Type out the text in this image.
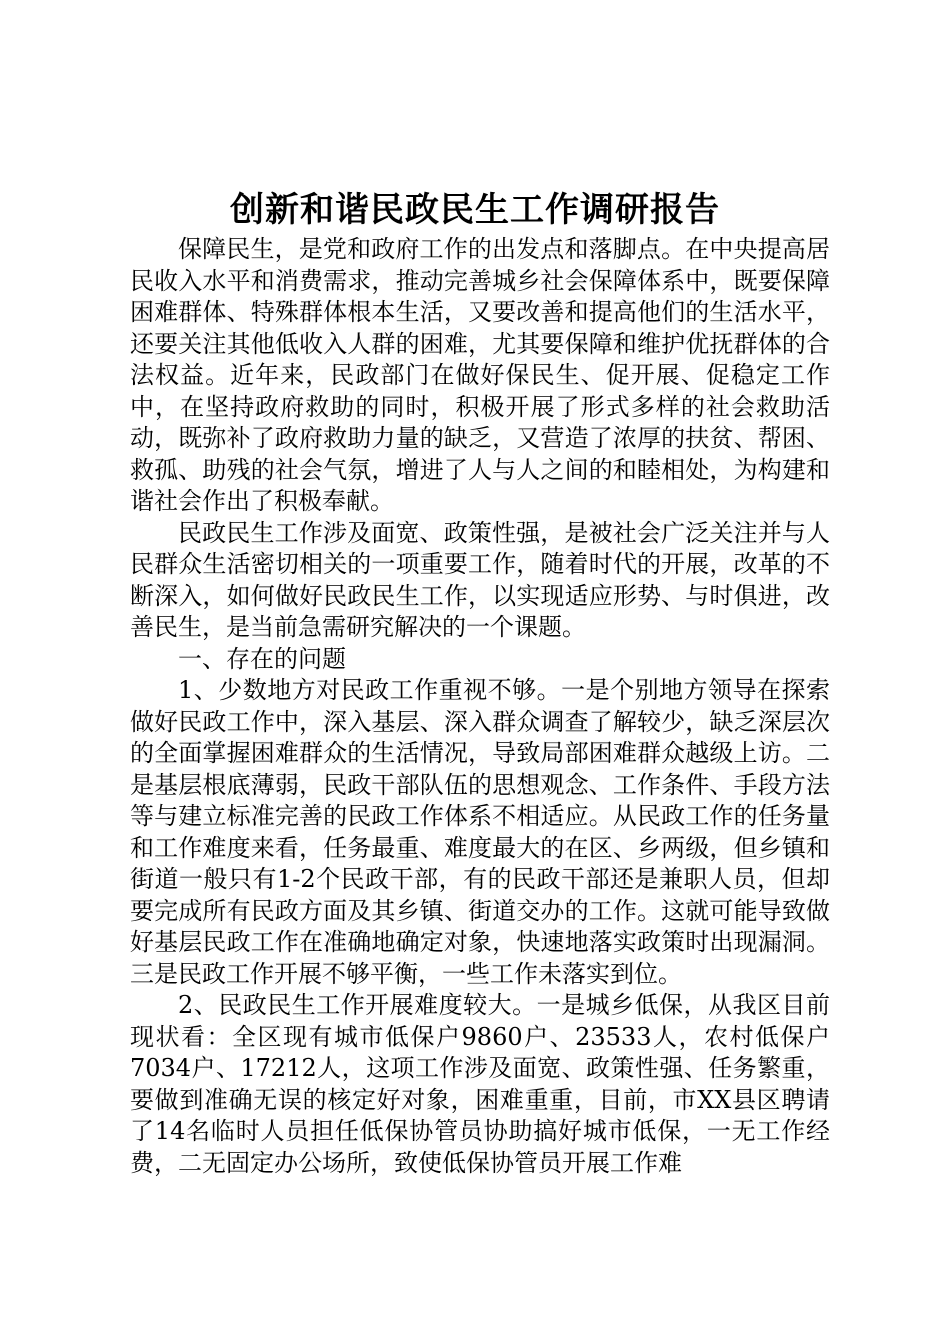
创新和谐民政民生工作调研报告

保障民生，是党和政府工作的出发点和落脚点。在中央提高居民收入水平和消费需求，推动完善城乡社会保障体系中，既要保障困难群体、特殊群体根本生活，又要改善和提高他们的生活水平，还要关注其他低收入人群的困难，尤其要保障和维护优抚群体的合法权益。近年来，民政部门在做好保民生、促开展、促稳定工作中，在坚持政府救助的同时，积极开展了形式多样的社会救助活动，既弥补了政府救助力量的缺乏，又营造了浓厚的扶贫、帮困、救孤、助残的社会气氛，增进了人与人之间的和睦相处，为构建和谐社会作出了积极奉献。

民政民生工作涉及面宽、政策性强，是被社会广泛关注并与人民群众生活密切相关的一项重要工作，随着时代的开展，改革的不断深入，如何做好民政民生工作，以实现适应形势、与时俱进，改善民生，是当前急需研究解决的一个课题。

一、存在的问题

1、少数地方对民政工作重视不够。一是个别地方领导在探索做好民政工作中，深入基层、深入群众调查了解较少，缺乏深层次的全面掌握困难群众的生活情况，导致局部困难群众越级上访。二是基层根底薄弱，民政干部队伍的思想观念、工作条件、手段方法等与建立标准完善的民政工作体系不相适应。从民政工作的任务量和工作难度来看，任务最重、难度最大的在区、乡两级，但乡镇和街道一般只有1-2个民政干部，有的民政干部还是兼职人员，但却要完成所有民政方面及其乡镇、街道交办的工作。这就可能导致做好基层民政工作在准确地确定对象，快速地落实政策时出现漏洞。三是民政工作开展不够平衡，一些工作未落实到位。

2、民政民生工作开展难度较大。一是城乡低保，从我区目前现状看：全区现有城市低保户9860户、23533人，农村低保户7034户、17212人，这项工作涉及面宽、政策性强、任务繁重，要做到准确无误的核定好对象，困难重重，目前，市XX县区聘请了14名临时人员担任低保协管员协助搞好城市低保，一无工作经费，二无固定办公场所，致使低保协管员开展工作难
